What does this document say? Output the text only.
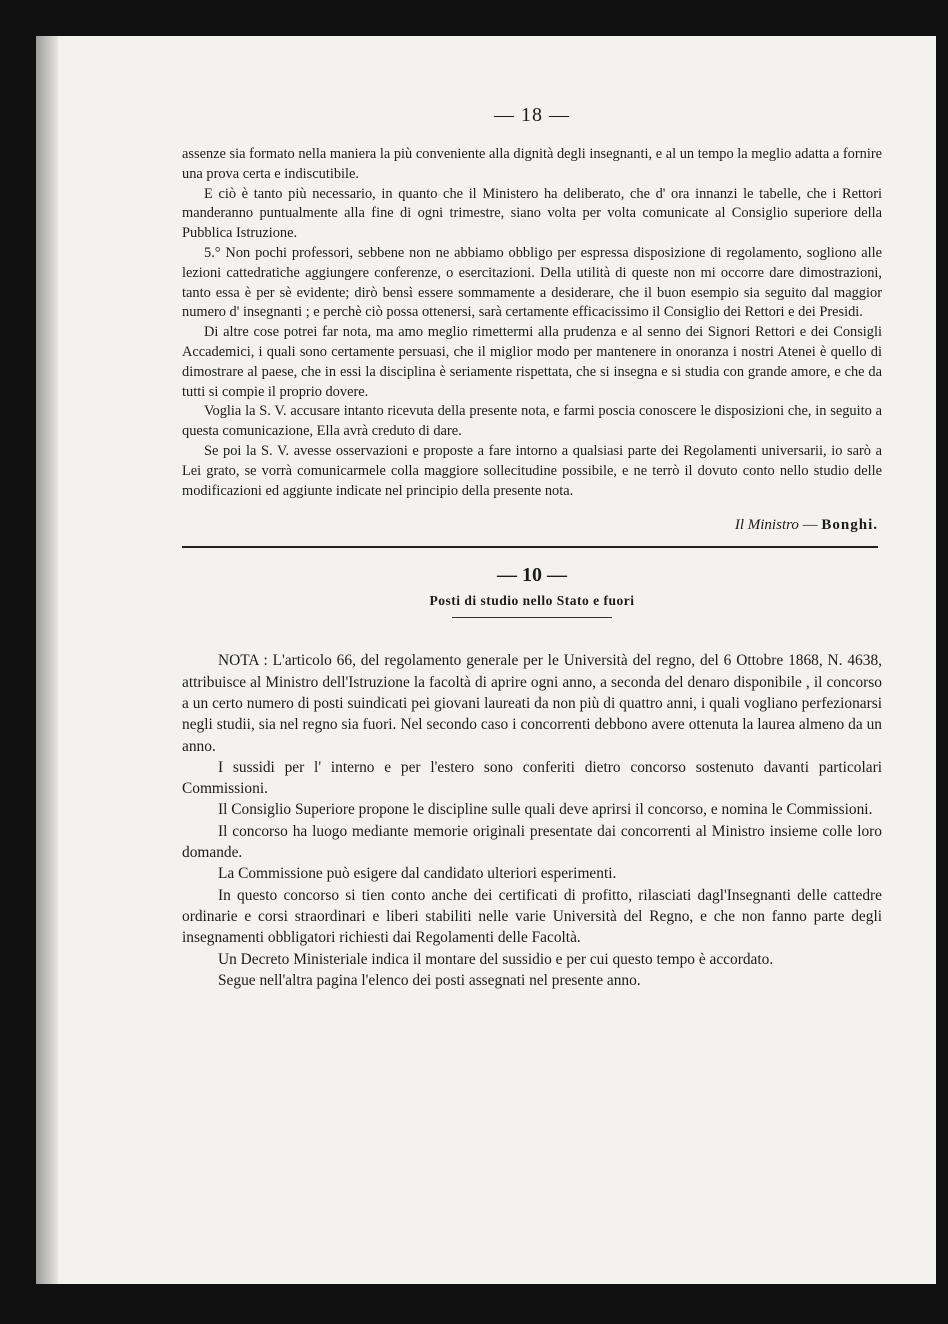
— 18 —

assenze sia formato nella maniera la più conveniente alla dignità degli insegnanti, e al un tempo la meglio adatta a fornire una prova certa e indiscutibile.

E ciò è tanto più necessario, in quanto che il Ministero ha deliberato, che d' ora innanzi le tabelle, che i Rettori manderanno puntualmente alla fine di ogni trimestre, siano volta per volta comunicate al Consiglio superiore della Pubblica Istruzione.

5.° Non pochi professori, sebbene non ne abbiamo obbligo per espressa disposizione di regolamento, sogliono alle lezioni cattedratiche aggiungere conferenze, o esercitazioni. Della utilità di queste non mi occorre dare dimostrazioni, tanto essa è per sè evidente; dirò bensì essere sommamente a desiderare, che il buon esempio sia seguito dal maggior numero d' insegnanti ; e perchè ciò possa ottenersi, sarà certamente efficacissimo il Consiglio dei Rettori e dei Presidi.

Di altre cose potrei far nota, ma amo meglio rimettermi alla prudenza e al senno dei Signori Rettori e dei Consigli Accademici, i quali sono certamente persuasi, che il miglior modo per mantenere in onoranza i nostri Atenei è quello di dimostrare al paese, che in essi la disciplina è seriamente rispettata, che si insegna e si studia con grande amore, e che da tutti si compie il proprio dovere.

Voglia la S. V. accusare intanto ricevuta della presente nota, e farmi poscia conoscere le disposizioni che, in seguito a questa comunicazione, Ella avrà creduto di dare.

Se poi la S. V. avesse osservazioni e proposte a fare intorno a qualsiasi parte dei Regolamenti universarii, io sarò a Lei grato, se vorrà comunicarmele colla maggiore sollecitudine possibile, e ne terrò il dovuto conto nello studio delle modificazioni ed aggiunte indicate nel principio della presente nota.

Il Ministro — Bonghi.
— 10 —
Posti di studio nello Stato e fuori

NOTA : L'articolo 66, del regolamento generale per le Università del regno, del 6 Ottobre 1868, N. 4638, attribuisce al Ministro dell'Istruzione la facoltà di aprire ogni anno, a seconda del denaro disponibile , il concorso a un certo numero di posti suindicati pei giovani laureati da non più di quattro anni, i quali vogliano perfezionarsi negli studii, sia nel regno sia fuori. Nel secondo caso i concorrenti debbono avere ottenuta la laurea almeno da un anno.

I sussidi per l' interno e per l'estero sono conferiti dietro concorso sostenuto davanti particolari Commissioni.

Il Consiglio Superiore propone le discipline sulle quali deve aprirsi il concorso, e nomina le Commissioni.

Il concorso ha luogo mediante memorie originali presentate dai concorrenti al Ministro insieme colle loro domande.

La Commissione può esigere dal candidato ulteriori esperimenti.

In questo concorso si tien conto anche dei certificati di profitto, rilasciati dagl'Insegnanti delle cattedre ordinarie e corsi straordinari e liberi stabiliti nelle varie Università del Regno, e che non fanno parte degli insegnamenti obbligatori richiesti dai Regolamenti delle Facoltà.

Un Decreto Ministeriale indica il montare del sussidio e per cui questo tempo è accordato.

Segue nell'altra pagina l'elenco dei posti assegnati nel presente anno.
